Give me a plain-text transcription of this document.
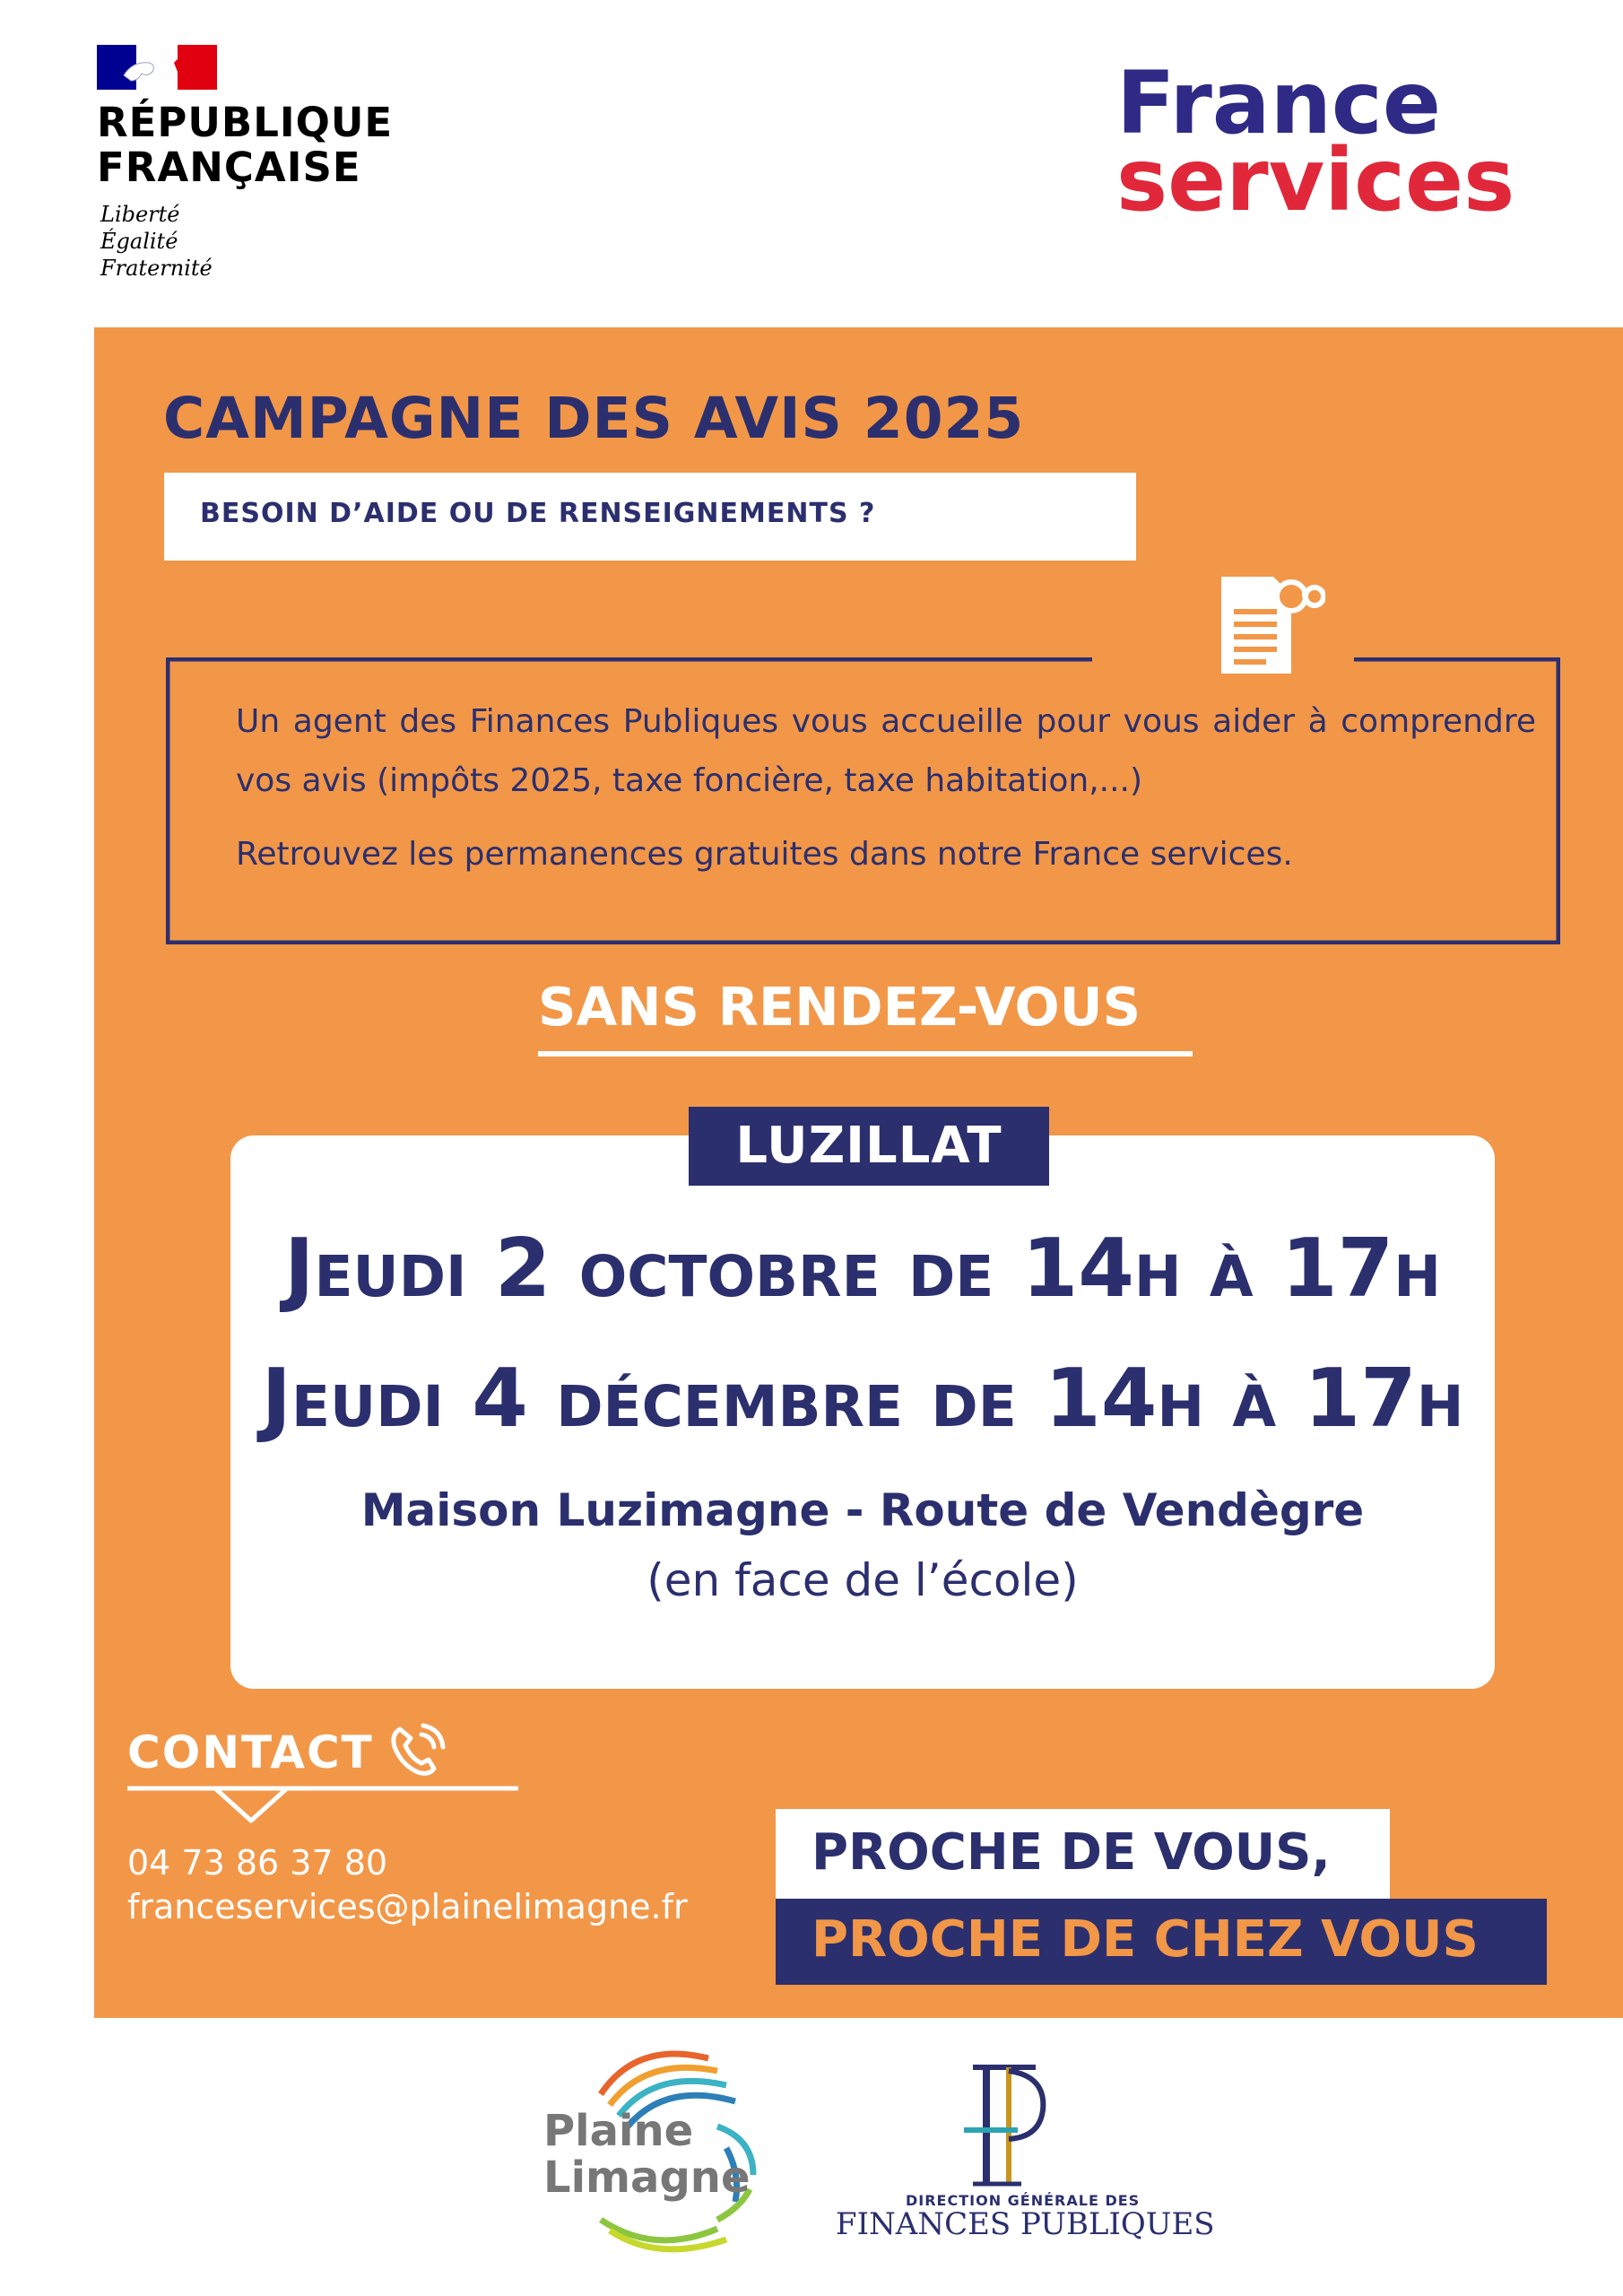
RÉPUBLIQUE
FRANÇAISE
Liberté
Égalité
Fraternité
France
services
CAMPAGNE DES AVIS 2025
BESOIN D’AIDE OU DE RENSEIGNEMENTS ?
Un agent des Finances Publiques vous accueille pour vous aider à comprendre vos avis (impôts 2025, taxe foncière, taxe habitation,...)
Retrouvez les permanences gratuites dans notre France services.
SANS RENDEZ-VOUS
LUZILLAT
Jeudi 2 octobre de 14h à 17h
Jeudi 4 décembre de 14h à 17h
Maison Luzimagne - Route de Vendègre
(en face de l’école)
CONTACT
04 73 86 37 80
franceservices@plainelimagne.fr
PROCHE DE VOUS,
PROCHE DE CHEZ VOUS
Plaine
Limagne	DIRECTION GÉNÉRALE DES
FINANCES PUBLIQUES
